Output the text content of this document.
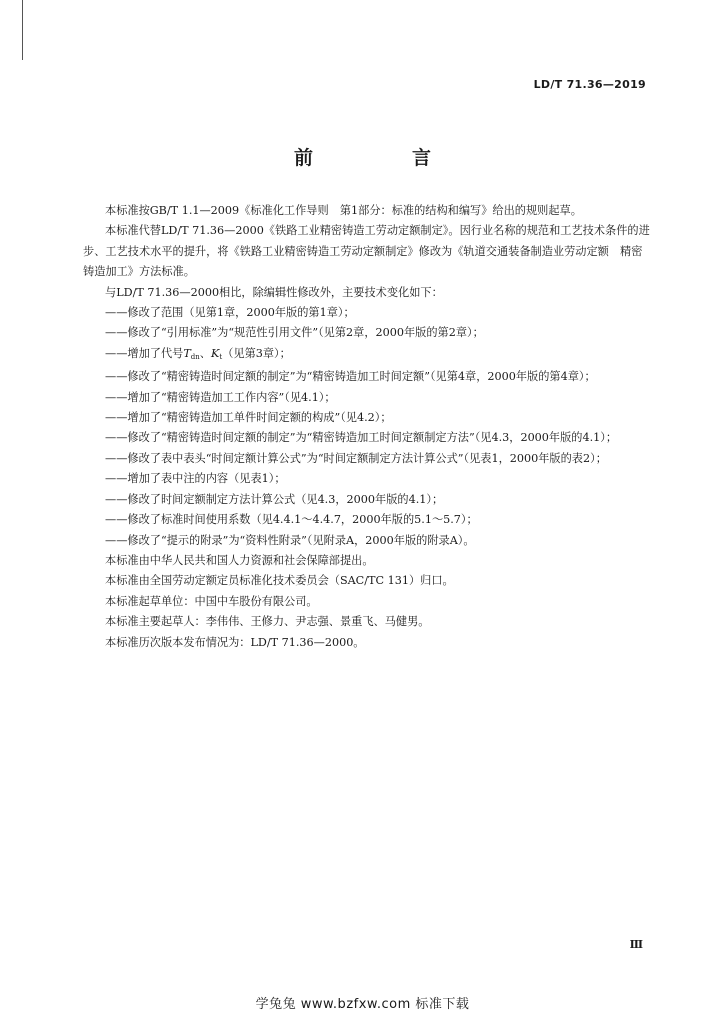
LD/T 71.36—2019
前　言

本标准按GB/T 1.1—2009《标准化工作导则　第1部分：标准的结构和编写》给出的规则起草。

本标准代替LD/T 71.36—2000《铁路工业精密铸造工劳动定额制定》。因行业名称的规范和工艺技术条件的进步、工艺技术水平的提升，将《铁路工业精密铸造工劳动定额制定》修改为《轨道交通装备制造业劳动定额　精密铸造加工》方法标准。

与LD/T 71.36—2000相比，除编辑性修改外，主要技术变化如下：

——修改了范围（见第1章，2000年版的第1章）；

——修改了“引用标准”为“规范性引用文件”（见第2章，2000年版的第2章）；

——增加了代号$T_{dn}$、$K_t$（见第3章）；

——修改了“精密铸造时间定额的制定”为“精密铸造加工时间定额”（见第4章，2000年版的第4章）；

——增加了“精密铸造加工工作内容”（见4.1）；

——增加了“精密铸造加工单件时间定额的构成”（见4.2）；

——修改了“精密铸造时间定额的制定”为“精密铸造加工时间定额制定方法”（见4.3，2000年版的4.1）；

——修改了表中表头“时间定额计算公式”为“时间定额制定方法计算公式”（见表1，2000年版的表2）；

——增加了表中注的内容（见表1）；

——修改了时间定额制定方法计算公式（见4.3，2000年版的4.1）；

——修改了标准时间使用系数（见4.4.1～4.4.7，2000年版的5.1～5.7）；

——修改了“提示的附录”为“资料性附录”（见附录A，2000年版的附录A）。

本标准由中华人民共和国人力资源和社会保障部提出。

本标准由全国劳动定额定员标准化技术委员会（SAC/TC 131）归口。

本标准起草单位：中国中车股份有限公司。

本标准主要起草人：李伟伟、王修力、尹志强、景重飞、马健男。

本标准历次版本发布情况为：LD/T 71.36—2000。

Ⅲ
学兔兔 www.bzfxw.com 标准下载
